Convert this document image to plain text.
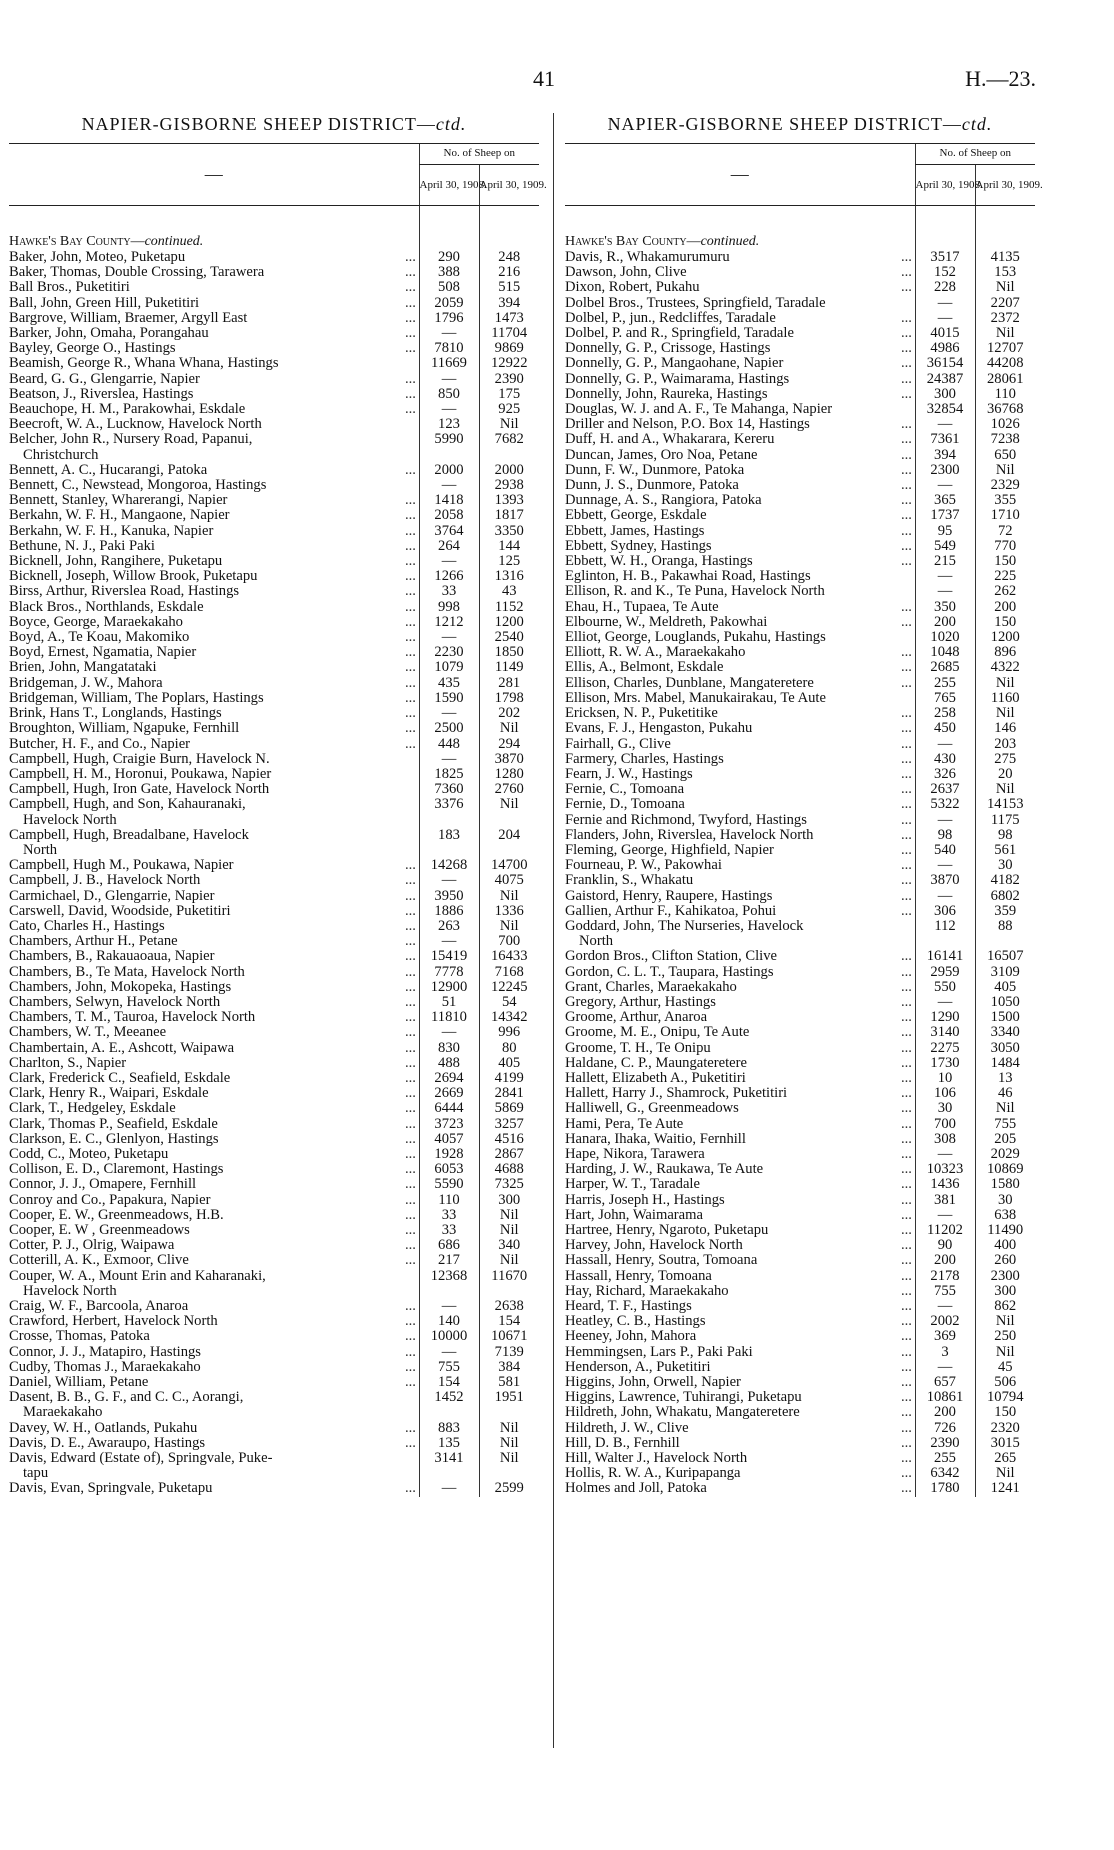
41	H.—23.
NAPIER-GISBORNE SHEEP DISTRICT—ctd.
—		No. of Sheep on	
		April 30, 1908.	April 30, 1909.
Hawke's Bay County—continued.			
Baker, John, Moteo, Puketapu	...	290	248
Baker, Thomas, Double Crossing, Tarawera	...	388	216
Ball Bros., Puketitiri	...	508	515
Ball, John, Green Hill, Puketitiri	...	2059	394
Bargrove, William, Braemer, Argyll East	...	1796	1473
Barker, John, Omaha, Porangahau	...	—	11704
Bayley, George O., Hastings	...	7810	9869
Beamish, George R., Whana Whana, Hastings		11669	12922
Beard, G. G., Glengarrie, Napier	...	—	2390
Beatson, J., Riverslea, Hastings	...	850	175
Beauchope, H. M., Parakowhai, Eskdale	...	—	925
Beecroft, W. A., Lucknow, Havelock North		123	Nil
Belcher, John R., Nursery Road, Papanui,		5990	7682
Christchurch			
Bennett, A. C., Hucarangi, Patoka	...	2000	2000
Bennett, C., Newstead, Mongoroa, Hastings		—	2938
Bennett, Stanley, Wharerangi, Napier	...	1418	1393
Berkahn, W. F. H., Mangaone, Napier	...	2058	1817
Berkahn, W. F. H., Kanuka, Napier	...	3764	3350
Bethune, N. J., Paki Paki	...	264	144
Bicknell, John, Rangihere, Puketapu	...	—	125
Bicknell, Joseph, Willow Brook, Puketapu	...	1266	1316
Birss, Arthur, Riverslea Road, Hastings	...	33	43
Black Bros., Northlands, Eskdale	...	998	1152
Boyce, George, Maraekakaho	...	1212	1200
Boyd, A., Te Koau, Makomiko	...	—	2540
Boyd, Ernest, Ngamatia, Napier	...	2230	1850
Brien, John, Mangatataki	...	1079	1149
Bridgeman, J. W., Mahora	...	435	281
Bridgeman, William, The Poplars, Hastings	...	1590	1798
Brink, Hans T., Longlands, Hastings	...	—	202
Broughton, William, Ngapuke, Fernhill	...	2500	Nil
Butcher, H. F., and Co., Napier	...	448	294
Campbell, Hugh, Craigie Burn, Havelock N.		—	3870
Campbell, H. M., Horonui, Poukawa, Napier		1825	1280
Campbell, Hugh, Iron Gate, Havelock North		7360	2760
Campbell, Hugh, and Son, Kahauranaki,		3376	Nil
Havelock North			
Campbell, Hugh, Breadalbane, Havelock		183	204
North			
Campbell, Hugh M., Poukawa, Napier	...	14268	14700
Campbell, J. B., Havelock North	...	—	4075
Carmichael, D., Glengarrie, Napier	...	3950	Nil
Carswell, David, Woodside, Puketitiri	...	1886	1336
Cato, Charles H., Hastings	...	263	Nil
Chambers, Arthur H., Petane	...	—	700
Chambers, B., Rakauaoaua, Napier	...	15419	16433
Chambers, B., Te Mata, Havelock North	...	7778	7168
Chambers, John, Mokopeka, Hastings	...	12900	12245
Chambers, Selwyn, Havelock North	...	51	54
Chambers, T. M., Tauroa, Havelock North	...	11810	14342
Chambers, W. T., Meeanee	...	—	996
Chambertain, A. E., Ashcott, Waipawa	...	830	80
Charlton, S., Napier	...	488	405
Clark, Frederick C., Seafield, Eskdale	...	2694	4199
Clark, Henry R., Waipari, Eskdale	...	2669	2841
Clark, T., Hedgeley, Eskdale	...	6444	5869
Clark, Thomas P., Seafield, Eskdale	...	3723	3257
Clarkson, E. C., Glenlyon, Hastings	...	4057	4516
Codd, C., Moteo, Puketapu	...	1928	2867
Collison, E. D., Claremont, Hastings	...	6053	4688
Connor, J. J., Omapere, Fernhill	...	5590	7325
Conroy and Co., Papakura, Napier	...	110	300
Cooper, E. W., Greenmeadows, H.B.	...	33	Nil
Cooper, E. W , Greenmeadows	...	33	Nil
Cotter, P. J., Olrig, Waipawa	...	686	340
Cotterill, A. K., Exmoor, Clive	...	217	Nil
Couper, W. A., Mount Erin and Kaharanaki,		12368	11670
Havelock North			
Craig, W. F., Barcoola, Anaroa	...	—	2638
Crawford, Herbert, Havelock North	...	140	154
Crosse, Thomas, Patoka	...	10000	10671
Connor, J. J., Matapiro, Hastings	...	—	7139
Cudby, Thomas J., Maraekakaho	...	755	384
Daniel, William, Petane	...	154	581
Dasent, B. B., G. F., and C. C., Aorangi,		1452	1951
Maraekakaho			
Davey, W. H., Oatlands, Pukahu	...	883	Nil
Davis, D. E., Awaraupo, Hastings	...	135	Nil
Davis, Edward (Estate of), Springvale, Puke-		3141	Nil
tapu			
Davis, Evan, Springvale, Puketapu	...	—	2599
NAPIER-GISBORNE SHEEP DISTRICT—ctd.
—		No. of Sheep on	
		April 30, 1908.	April 30, 1909.
Hawke's Bay County—continued.			
Davis, R., Whakamurumuru	...	3517	4135
Dawson, John, Clive	...	152	153
Dixon, Robert, Pukahu	...	228	Nil
Dolbel Bros., Trustees, Springfield, Taradale		—	2207
Dolbel, P., jun., Redcliffes, Taradale	...	—	2372
Dolbel, P. and R., Springfield, Taradale	...	4015	Nil
Donnelly, G. P., Crissoge, Hastings	...	4986	12707
Donnelly, G. P., Mangaohane, Napier	...	36154	44208
Donnelly, G. P., Waimarama, Hastings	...	24387	28061
Donnelly, John, Raureka, Hastings	...	300	110
Douglas, W. J. and A. F., Te Mahanga, Napier		32854	36768
Driller and Nelson, P.O. Box 14, Hastings	...	—	1026
Duff, H. and A., Whakarara, Kereru	...	7361	7238
Duncan, James, Oro Noa, Petane	...	394	650
Dunn, F. W., Dunmore, Patoka	...	2300	Nil
Dunn, J. S., Dunmore, Patoka	...	—	2329
Dunnage, A. S., Rangiora, Patoka	...	365	355
Ebbett, George, Eskdale	...	1737	1710
Ebbett, James, Hastings	...	95	72
Ebbett, Sydney, Hastings	...	549	770
Ebbett, W. H., Oranga, Hastings	...	215	150
Eglinton, H. B., Pakawhai Road, Hastings		—	225
Ellison, R. and K., Te Puna, Havelock North		—	262
Ehau, H., Tupaea, Te Aute	...	350	200
Elbourne, W., Meldreth, Pakowhai	...	200	150
Elliot, George, Louglands, Pukahu, Hastings		1020	1200
Elliott, R. W. A., Maraekakaho	...	1048	896
Ellis, A., Belmont, Eskdale	...	2685	4322
Ellison, Charles, Dunblane, Mangateretere	...	255	Nil
Ellison, Mrs. Mabel, Manukairakau, Te Aute		765	1160
Ericksen, N. P., Puketitike	...	258	Nil
Evans, F. J., Hengaston, Pukahu	...	450	146
Fairhall, G., Clive	...	—	203
Farmery, Charles, Hastings	...	430	275
Fearn, J. W., Hastings	...	326	20
Fernie, C., Tomoana	...	2637	Nil
Fernie, D., Tomoana	...	5322	14153
Fernie and Richmond, Twyford, Hastings	...	—	1175
Flanders, John, Riverslea, Havelock North	...	98	98
Fleming, George, Highfield, Napier	...	540	561
Fourneau, P. W., Pakowhai	...	—	30
Franklin, S., Whakatu	...	3870	4182
Gaistord, Henry, Raupere, Hastings	...	—	6802
Gallien, Arthur F., Kahikatoa, Pohui	...	306	359
Goddard, John, The Nurseries, Havelock		112	88
North			
Gordon Bros., Clifton Station, Clive	...	16141	16507
Gordon, C. L. T., Taupara, Hastings	...	2959	3109
Grant, Charles, Maraekakaho	...	550	405
Gregory, Arthur, Hastings	...	—	1050
Groome, Arthur, Anaroa	...	1290	1500
Groome, M. E., Onipu, Te Aute	...	3140	3340
Groome, T. H., Te Onipu	...	2275	3050
Haldane, C. P., Maungateretere	...	1730	1484
Hallett, Elizabeth A., Puketitiri	...	10	13
Hallett, Harry J., Shamrock, Puketitiri	...	106	46
Halliwell, G., Greenmeadows	...	30	Nil
Hami, Pera, Te Aute	...	700	755
Hanara, Ihaka, Waitio, Fernhill	...	308	205
Hape, Nikora, Tarawera	...	—	2029
Harding, J. W., Raukawa, Te Aute	...	10323	10869
Harper, W. T., Taradale	...	1436	1580
Harris, Joseph H., Hastings	...	381	30
Hart, John, Waimarama	...	—	638
Hartree, Henry, Ngaroto, Puketapu	...	11202	11490
Harvey, John, Havelock North	...	90	400
Hassall, Henry, Soutra, Tomoana	...	200	260
Hassall, Henry, Tomoana	...	2178	2300
Hay, Richard, Maraekakaho	...	755	300
Heard, T. F., Hastings	...	—	862
Heatley, C. B., Hastings	...	2002	Nil
Heeney, John, Mahora	...	369	250
Hemmingsen, Lars P., Paki Paki	...	3	Nil
Henderson, A., Puketitiri	...	—	45
Higgins, John, Orwell, Napier	...	657	506
Higgins, Lawrence, Tuhirangi, Puketapu	...	10861	10794
Hildreth, John, Whakatu, Mangateretere	...	200	150
Hildreth, J. W., Clive	...	726	2320
Hill, D. B., Fernhill	...	2390	3015
Hill, Walter J., Havelock North	...	255	265
Hollis, R. W. A., Kuripapanga	...	6342	Nil
Holmes and Joll, Patoka	...	1780	1241
